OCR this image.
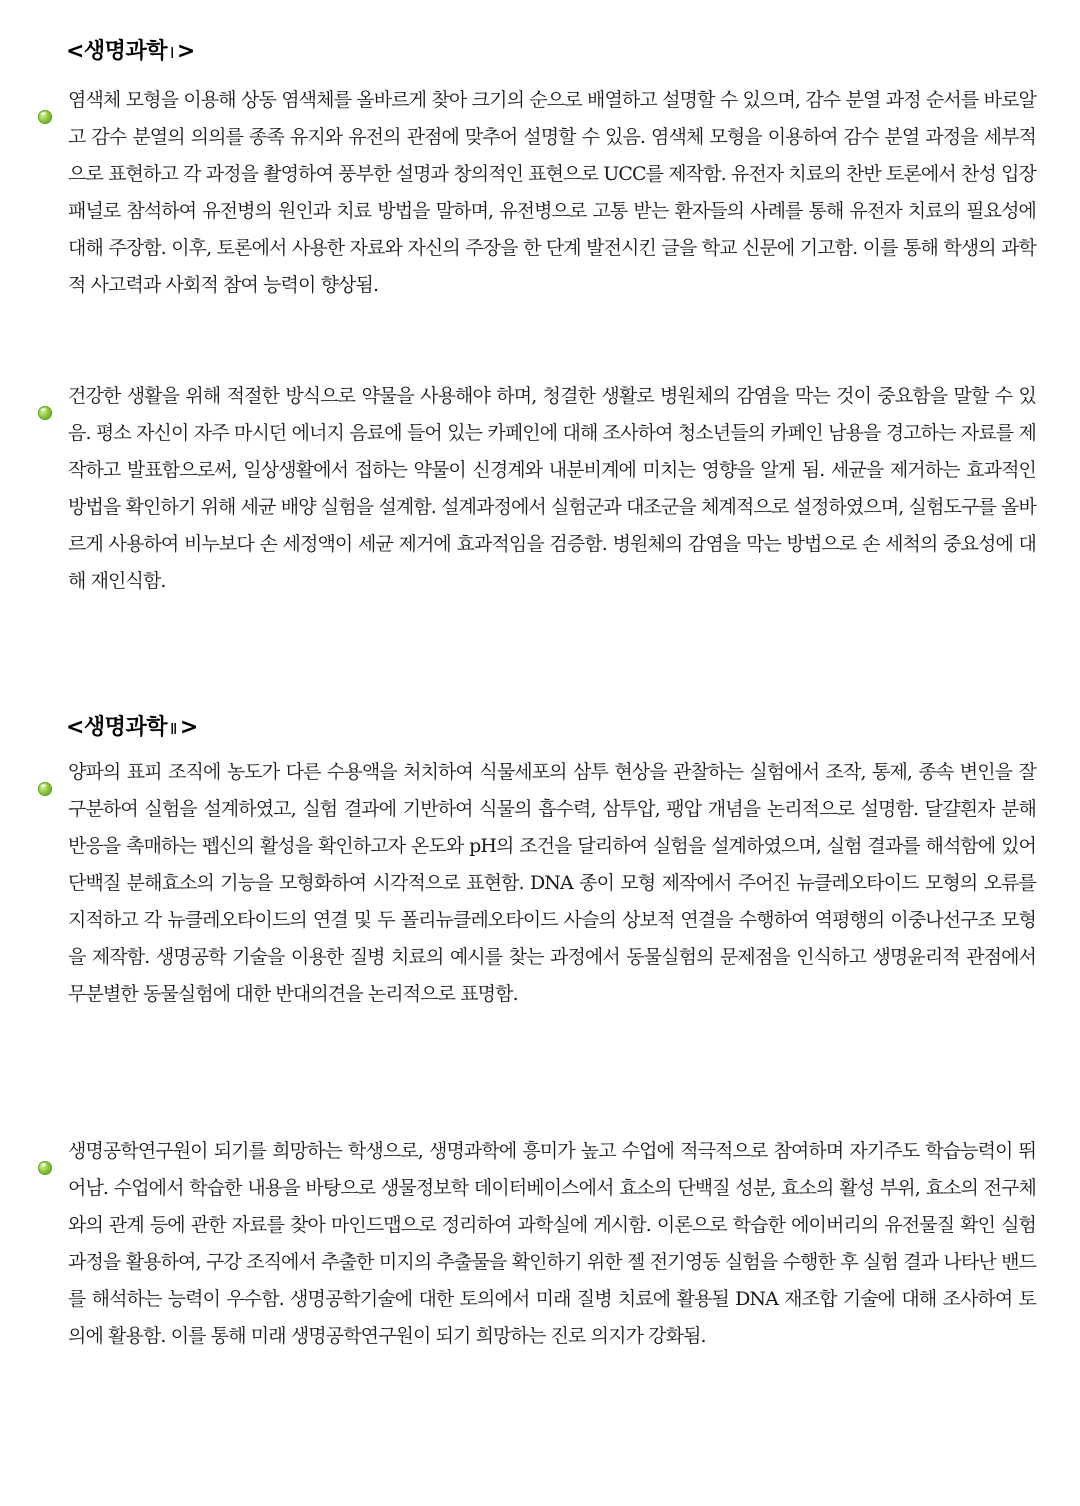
<생명과학 Ⅰ >

염색체 모형을 이용해 상동 염색체를 올바르게 찾아 크기의 순으로 배열하고 설명할 수 있으며, 감수 분열 과정 순서를 바로알고 감수 분열의 의의를 종족 유지와 유전의 관점에 맞추어 설명할 수 있음. 염색체 모형을 이용하여 감수 분열 과정을 세부적으로 표현하고 각 과정을 촬영하여 풍부한 설명과 창의적인 표현으로 UCC를 제작함. 유전자 치료의 찬반 토론에서 찬성 입장 패널로 참석하여 유전병의 원인과 치료 방법을 말하며, 유전병으로 고통 받는 환자들의 사례를 통해 유전자 치료의 필요성에 대해 주장함. 이후, 토론에서 사용한 자료와 자신의 주장을 한 단계 발전시킨 글을 학교 신문에 기고함. 이를 통해 학생의 과학적 사고력과 사회적 참여 능력이 향상됨.

건강한 생활을 위해 적절한 방식으로 약물을 사용해야 하며, 청결한 생활로 병원체의 감염을 막는 것이 중요함을 말할 수 있음. 평소 자신이 자주 마시던 에너지 음료에 들어 있는 카페인에 대해 조사하여 청소년들의 카페인 남용을 경고하는 자료를 제작하고 발표함으로써, 일상생활에서 접하는 약물이 신경계와 내분비계에 미치는 영향을 알게 됨. 세균을 제거하는 효과적인 방법을 확인하기 위해 세균 배양 실험을 설계함. 설계과정에서 실험군과 대조군을 체계적으로 설정하였으며, 실험도구를 올바르게 사용하여 비누보다 손 세정액이 세균 제거에 효과적임을 검증함. 병원체의 감염을 막는 방법으로 손 세척의 중요성에 대해 재인식함.

<생명과학 Ⅱ >

양파의 표피 조직에 농도가 다른 수용액을 처치하여 식물세포의 삼투 현상을 관찰하는 실험에서 조작, 통제, 종속 변인을 잘 구분하여 실험을 설계하였고, 실험 결과에 기반하여 식물의 흡수력, 삼투압, 팽압 개념을 논리적으로 설명함. 달걀흰자 분해 반응을 촉매하는 펩신의 활성을 확인하고자 온도와 pH의 조건을 달리하여 실험을 설계하였으며, 실험 결과를 해석함에 있어 단백질 분해효소의 기능을 모형화하여 시각적으로 표현함. DNA 종이 모형 제작에서 주어진 뉴클레오타이드 모형의 오류를 지적하고 각 뉴클레오타이드의 연결 및 두 폴리뉴클레오타이드 사슬의 상보적 연결을 수행하여 역평행의 이중나선구조 모형을 제작함. 생명공학 기술을 이용한 질병 치료의 예시를 찾는 과정에서 동물실험의 문제점을 인식하고 생명윤리적 관점에서 무분별한 동물실험에 대한 반대의견을 논리적으로 표명함.

생명공학연구원이 되기를 희망하는 학생으로, 생명과학에 흥미가 높고 수업에 적극적으로 참여하며 자기주도 학습능력이 뛰어남. 수업에서 학습한 내용을 바탕으로 생물정보학 데이터베이스에서 효소의 단백질 성분, 효소의 활성 부위, 효소의 전구체와의 관계 등에 관한 자료를 찾아 마인드맵으로 정리하여 과학실에 게시함. 이론으로 학습한 에이버리의 유전물질 확인 실험 과정을 활용하여, 구강 조직에서 추출한 미지의 추출물을 확인하기 위한 젤 전기영동 실험을 수행한 후 실험 결과 나타난 밴드를 해석하는 능력이 우수함. 생명공학기술에 대한 토의에서 미래 질병 치료에 활용될 DNA 재조합 기술에 대해 조사하여 토의에 활용함. 이를 통해 미래 생명공학연구원이 되기 희망하는 진로 의지가 강화됨.
